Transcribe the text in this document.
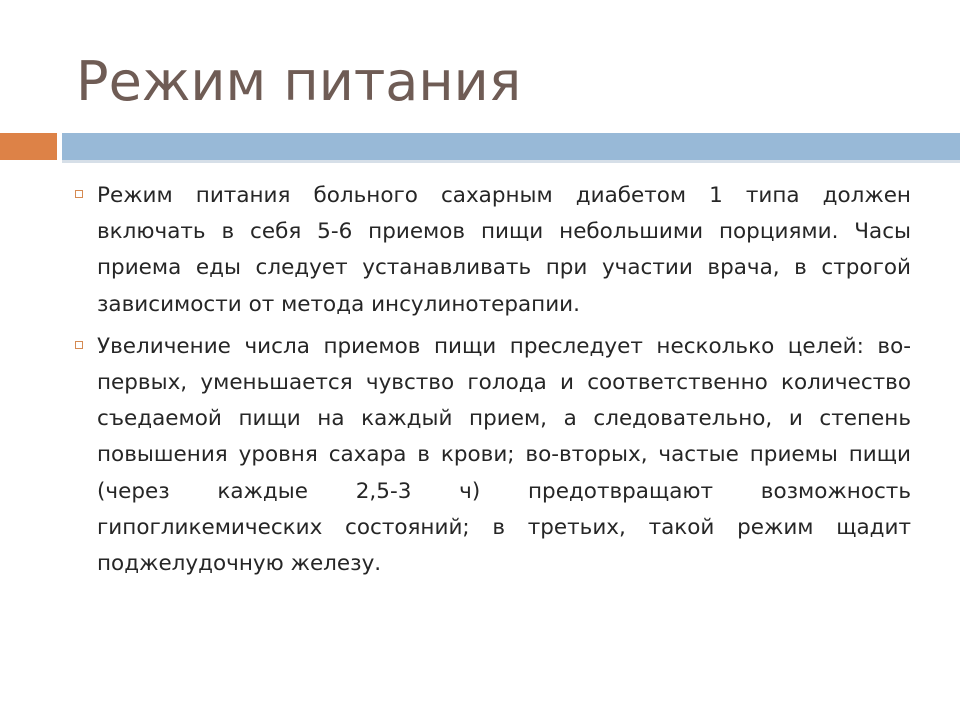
Режим питания
Режим питания больного сахарным диабетом 1 типа должен включать в себя 5-6 приемов пищи небольшими порциями. Часы приема еды следует устанавливать при участии врача, в строгой зависимости от метода инсулинотерапии.
Увеличение числа приемов пищи преследует несколько целей: во-первых, уменьшается чувство голода и соответственно количество съедаемой пищи на каждый прием, а следовательно, и степень повышения уровня сахара в крови; во-вторых, частые приемы пищи (через каждые 2,5-3 ч) предотвращают возможность гипогликемических состояний; в третьих, такой режим щадит поджелудочную железу.
